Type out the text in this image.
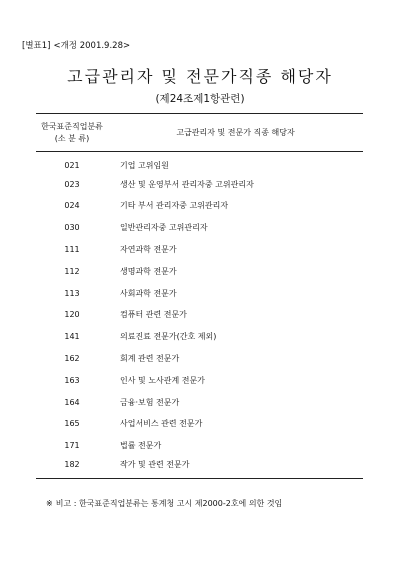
[별표1] <개정 2001.9.28>
고급관리자 및 전문가직종 해당자
(제24조제1항관련)
한국표준직업분류
(소 분 류)	고급관리자 및 전문가 직종 해당자
021	기업 고위임원
023	생산 및 운영부서 관리자중 고위관리자
024	기타 부서 관리자중 고위관리자
030	일반관리자중 고위관리자
111	자연과학 전문가
112	생명과학 전문가
113	사회과학 전문가
120	컴퓨터 관련 전문가
141	의료진료 전문가(간호 제외)
162	회계 관련 전문가
163	인사 및 노사관계 전문가
164	금융·보험 전문가
165	사업서비스 관련 전문가
171	법률 전문가
182	작가 및 관련 전문가
※ 비고 : 한국표준직업분류는 통계청 고시 제2000-2호에 의한 것임
